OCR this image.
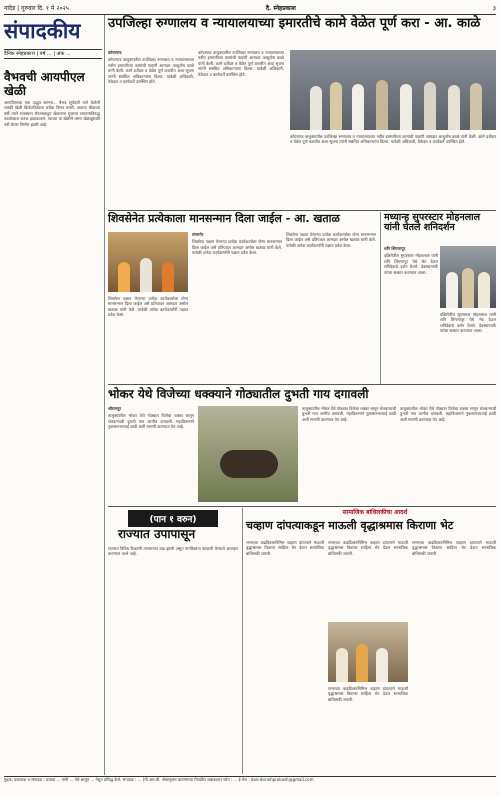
नांदेड | गुरुवार दि. १ मे २०२५	दै. स्नेहप्रकाश	३
संपादकीय
दैनिक स्नेहप्रकाश | वर्ष ... | अंक ...
वैभवची आयपीएल खेळी

आयपीएलचा एक अद्भुत सामना... वैभव सूर्यवंशी याने केलेली शतकी खेळी क्रिकेटविश्वात चर्चेचा विषय ठरली. अवघ्या चौदाव्या वर्षी त्याने राजस्थान रॉयल्सकडून खेळताना गुजरात टायटन्सविरुद्ध धडाकेबाज शतक झळकावले. त्याच्या या खेळीने तरुण खेळाडूंसाठी नवी प्रेरणा निर्माण झाली आहे.

उपजिल्हा रुग्णालय व न्यायालयाच्या इमारतीचे कामे वेळेत पूर्ण करा - आ. काळे

कोपरगाव

कोपरगाव तालुक्यातील उपजिल्हा रुग्णालय व न्यायालयाच्या नवीन इमारतीच्या कामांची पाहणी आमदार आशुतोष काळे यांनी केली. कामे दर्जेदार व वेळेत पूर्ण करावीत अशा सूचना त्यांनी संबंधित अधिकाऱ्यांना दिल्या. यावेळी अधिकारी, ठेकेदार व कार्यकर्ते उपस्थित होते.

कोपरगाव तालुक्यातील उपजिल्हा रुग्णालय व न्यायालयाच्या नवीन इमारतीच्या कामांची पाहणी आमदार आशुतोष काळे यांनी केली. कामे दर्जेदार व वेळेत पूर्ण करावीत अशा सूचना त्यांनी संबंधित अधिकाऱ्यांना दिल्या. यावेळी अधिकारी, ठेकेदार व कार्यकर्ते उपस्थित होते.

कोपरगाव तालुक्यातील उपजिल्हा रुग्णालय व न्यायालयाच्या नवीन इमारतीच्या कामांची पाहणी आमदार आशुतोष काळे यांनी केली. कामे दर्जेदार व वेळेत पूर्ण करावीत अशा सूचना त्यांनी संबंधित अधिकाऱ्यांना दिल्या. यावेळी अधिकारी, ठेकेदार व कार्यकर्ते उपस्थित होते.

शिवसेनेत प्रत्येकाला मानसन्मान दिला जाईल - आ. खताळ

संगमनेर

शिवसेना पक्षात येणाऱ्या प्रत्येक कार्यकर्त्याला योग्य मानसन्मान दिला जाईल असे प्रतिपादन आमदार अमोल खताळ यांनी केले. यावेळी अनेक कार्यकर्त्यांनी पक्षात प्रवेश केला.

शिवसेना पक्षात येणाऱ्या प्रत्येक कार्यकर्त्याला योग्य मानसन्मान दिला जाईल असे प्रतिपादन आमदार अमोल खताळ यांनी केले. यावेळी अनेक कार्यकर्त्यांनी पक्षात प्रवेश केला.

शिवसेना पक्षात येणाऱ्या प्रत्येक कार्यकर्त्याला योग्य मानसन्मान दिला जाईल असे प्रतिपादन आमदार अमोल खताळ यांनी केले. यावेळी अनेक कार्यकर्त्यांनी पक्षात प्रवेश केला.

मध्यान्ह सुपरस्टार मोहनलाल यांनी घेतले शनिदर्शन

शनि शिंगणापूर

दक्षिणेतील सुपरस्टार मोहनलाल यांनी शनि शिंगणापूर येथे भेट देऊन शनिदेवाचे दर्शन घेतले. देवस्थानतर्फे त्यांचा सत्कार करण्यात आला.

दक्षिणेतील सुपरस्टार मोहनलाल यांनी शनि शिंगणापूर येथे भेट देऊन शनिदेवाचे दर्शन घेतले. देवस्थानतर्फे त्यांचा सत्कार करण्यात आला.

भोकर येथे विजेच्या धक्क्याने गोठ्यातील दुभती गाय दगावली

श्रीरामपूर

तालुक्यातील भोकर येथे गोठ्यात विजेचा धक्का लागून शेतकऱ्याची दुभती गाय जागीच दगावली. महावितरणने नुकसानभरपाई द्यावी अशी मागणी करण्यात येत आहे.

तालुक्यातील भोकर येथे गोठ्यात विजेचा धक्का लागून शेतकऱ्याची दुभती गाय जागीच दगावली. महावितरणने नुकसानभरपाई द्यावी अशी मागणी करण्यात येत आहे.

तालुक्यातील भोकर येथे गोठ्यात विजेचा धक्का लागून शेतकऱ्याची दुभती गाय जागीच दगावली. महावितरणने नुकसानभरपाई द्यावी अशी मागणी करण्यात येत आहे.

(पान १ वरुन)
राज्यात उपापासून

राज्यात विविध ठिकाणी तापमानात वाढ झाली असून नागरिकांना काळजी घेण्याचे आवाहन करण्यात आले आहे.

सामाजिक बांधिलकीचा आदर्श
चव्हाण दांपत्याकडून माऊली वृद्धाश्रमास किराणा भेट

लग्नाच्या वाढदिवसानिमित्त चव्हाण दांपत्याने माऊली वृद्धाश्रमास किराणा साहित्य भेट देऊन सामाजिक बांधिलकी जपली.

लग्नाच्या वाढदिवसानिमित्त चव्हाण दांपत्याने माऊली वृद्धाश्रमास किराणा साहित्य भेट देऊन सामाजिक बांधिलकी जपली.

लग्नाच्या वाढदिवसानिमित्त चव्हाण दांपत्याने माऊली वृद्धाश्रमास किराणा साहित्य भेट देऊन सामाजिक बांधिलकी जपली.

लग्नाच्या वाढदिवसानिमित्त चव्हाण दांपत्याने माऊली वृद्धाश्रमास किराणा साहित्य भेट देऊन सामाजिक बांधिलकी जपली.

मुद्रक, प्रकाशक व संपादक : प्रकाश ... यांनी ... येथे छापून ... येथून प्रसिद्ध केले. संपादक : ... (पी.आर.बी. ॲक्टनुसार बातम्यांच्या निवडीस जबाबदार) फोन : ... ई-मेल : dainiksnehprakash@gmail.com
